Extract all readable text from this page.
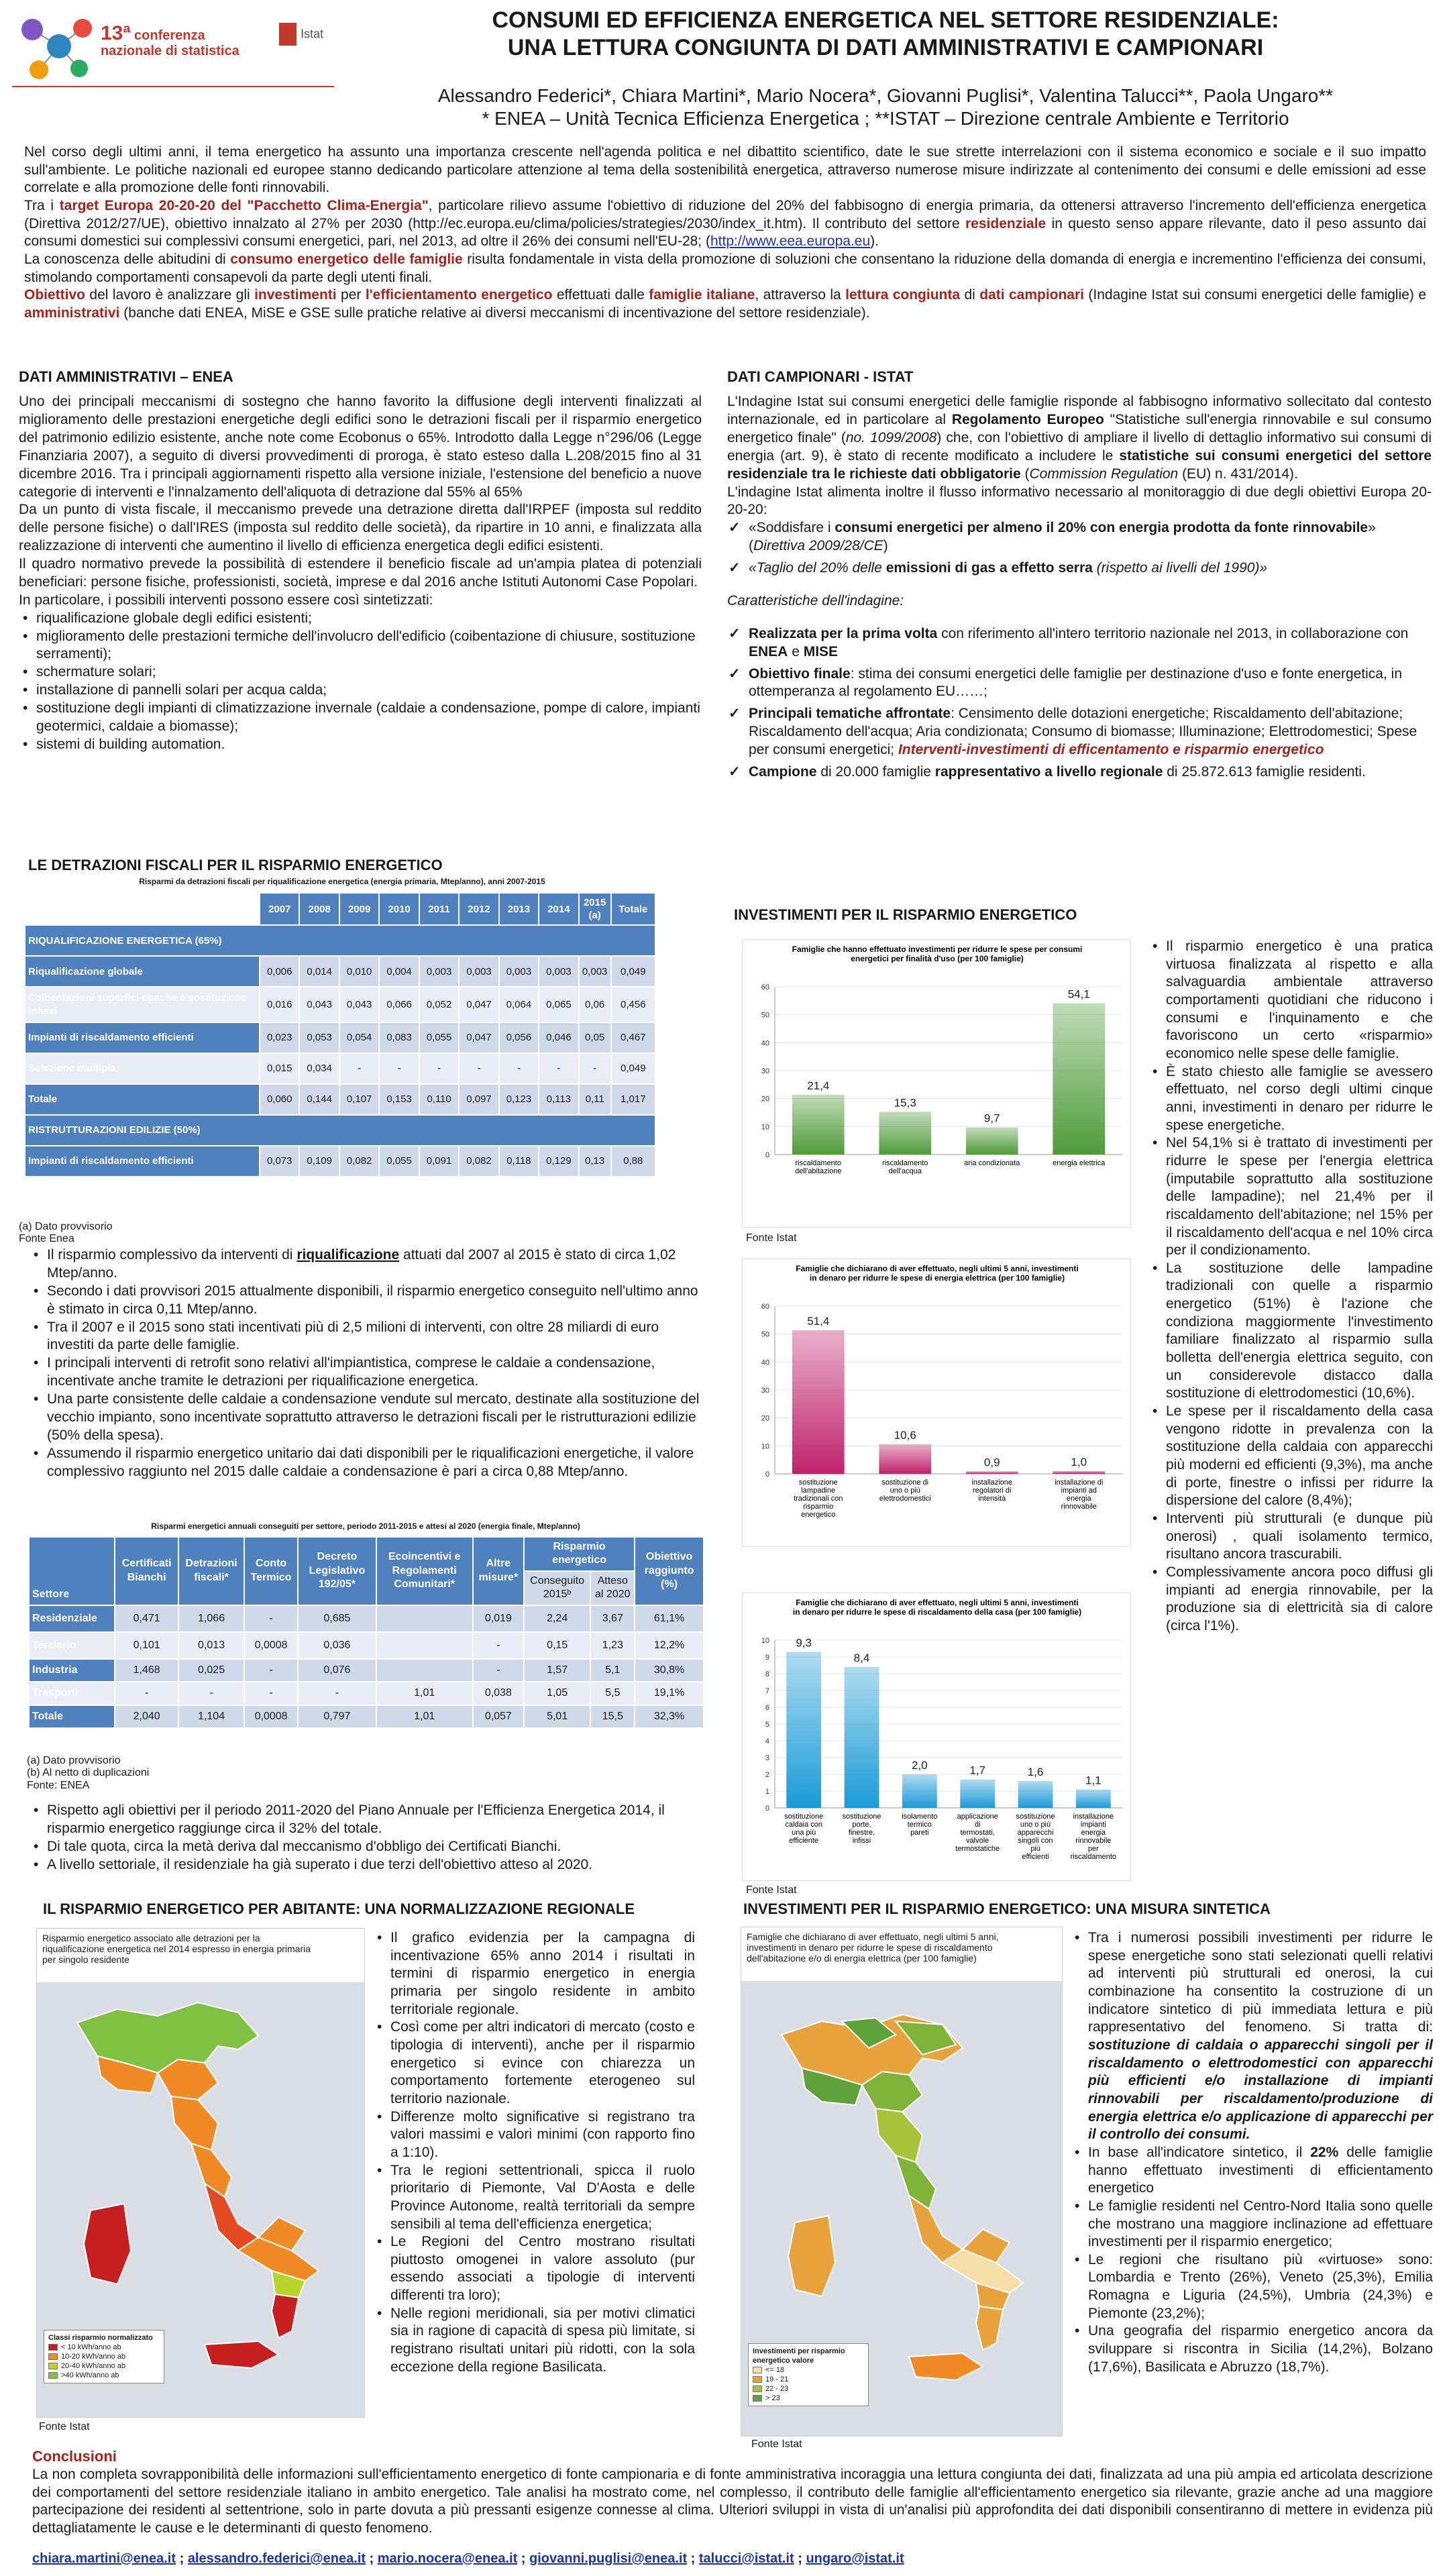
13ª conferenza nazionale di statistica
Istat
CONSUMI ED EFFICIENZA ENERGETICA NEL SETTORE RESIDENZIALE:
UNA LETTURA CONGIUNTA DI DATI AMMINISTRATIVI E CAMPIONARI
Alessandro Federici*, Chiara Martini*, Mario Nocera*, Giovanni Puglisi*, Valentina Talucci**, Paola Ungaro**
* ENEA – Unità Tecnica Efficienza Energetica ; **ISTAT – Direzione centrale Ambiente e Territorio

Nel corso degli ultimi anni, il tema energetico ha assunto una importanza crescente nell'agenda politica e nel dibattito scientifico, date le sue strette interrelazioni con il sistema economico e sociale e il suo impatto sull'ambiente. Le politiche nazionali ed europee stanno dedicando particolare attenzione al tema della sostenibilità energetica, attraverso numerose misure indirizzate al contenimento dei consumi e delle emissioni ad esse correlate e alla promozione delle fonti rinnovabili.

Tra i target Europa 20-20-20 del "Pacchetto Clima-Energia", particolare rilievo assume l'obiettivo di riduzione del 20% del fabbisogno di energia primaria, da ottenersi attraverso l'incremento dell'efficienza energetica (Direttiva 2012/27/UE), obiettivo innalzato al 27% per 2030 (http://ec.europa.eu/clima/policies/strategies/2030/index_it.htm). Il contributo del settore residenziale in questo senso appare rilevante, dato il peso assunto dai consumi domestici sui complessivi consumi energetici, pari, nel 2013, ad oltre il 26% dei consumi nell'EU-28; (http://www.eea.europa.eu).

La conoscenza delle abitudini di consumo energetico delle famiglie risulta fondamentale in vista della promozione di soluzioni che consentano la riduzione della domanda di energia e incrementino l'efficienza dei consumi, stimolando comportamenti consapevoli da parte degli utenti finali.

Obiettivo del lavoro è analizzare gli investimenti per l'efficientamento energetico effettuati dalle famiglie italiane, attraverso la lettura congiunta di dati campionari (Indagine Istat sui consumi energetici delle famiglie) e amministrativi (banche dati ENEA, MiSE e GSE sulle pratiche relative ai diversi meccanismi di incentivazione del settore residenziale).

DATI AMMINISTRATIVI – ENEA

Uno dei principali meccanismi di sostegno che hanno favorito la diffusione degli interventi finalizzati al miglioramento delle prestazioni energetiche degli edifici sono le detrazioni fiscali per il risparmio energetico del patrimonio edilizio esistente, anche note come Ecobonus o 65%. Introdotto dalla Legge n°296/06 (Legge Finanziaria 2007), a seguito di diversi provvedimenti di proroga, è stato esteso dalla L.208/2015 fino al 31 dicembre 2016. Tra i principali aggiornamenti rispetto alla versione iniziale, l'estensione del beneficio a nuove categorie di interventi e l'innalzamento dell'aliquota di detrazione dal 55% al 65%

Da un punto di vista fiscale, il meccanismo prevede una detrazione diretta dall'IRPEF (imposta sul reddito delle persone fisiche) o dall'IRES (imposta sul reddito delle società), da ripartire in 10 anni, e finalizzata alla realizzazione di interventi che aumentino il livello di efficienza energetica degli edifici esistenti.

Il quadro normativo prevede la possibilità di estendere il beneficio fiscale ad un'ampia platea di potenziali beneficiari: persone fisiche, professionisti, società, imprese e dal 2016 anche Istituti Autonomi Case Popolari.

In particolare, i possibili interventi possono essere così sintetizzati:

• riqualificazione globale degli edifici esistenti;
• miglioramento delle prestazioni termiche dell'involucro dell'edificio (coibentazione di chiusure, sostituzione serramenti);
• schermature solari;
• installazione di pannelli solari per acqua calda;
• sostituzione degli impianti di climatizzazione invernale (caldaie a condensazione, pompe di calore, impianti geotermici, caldaie a biomasse);
• sistemi di building automation.
LE DETRAZIONI FISCALI PER IL RISPARMIO ENERGETICO
Risparmi da detrazioni fiscali per riqualificazione energetica (energia primaria, Mtep/anno), anni 2007-2015
	2007	2008	2009	2010	2011	2012	2013	2014	2015 (a)	Totale
RIQUALIFICAZIONE ENERGETICA (65%)										
Riqualificazione globale	0,006	0,014	0,010	0,004	0,003	0,003	0,003	0,003	0,003	0,049
Coibentazioni superfici opache e sostituzione infissi	0,016	0,043	0,043	0,066	0,052	0,047	0,064	0,065	0,06	0,456
Impianti di riscaldamento efficienti	0,023	0,053	0,054	0,083	0,055	0,047	0,056	0,046	0,05	0,467
Selezione multipla	0,015	0,034	-	-	-	-	-	-	-	0,049
Totale	0,060	0,144	0,107	0,153	0,110	0,097	0,123	0,113	0,11	1,017
RISTRUTTURAZIONI EDILIZIE (50%)										
Impianti di riscaldamento efficienti	0,073	0,109	0,082	0,055	0,091	0,082	0,118	0,129	0,13	0,88
(a) Dato provvisorio
Fonte Enea
• Il risparmio complessivo da interventi di riqualificazione attuati dal 2007 al 2015 è stato di circa 1,02 Mtep/anno.
• Secondo i dati provvisori 2015 attualmente disponibili, il risparmio energetico conseguito nell'ultimo anno è stimato in circa 0,11 Mtep/anno.
• Tra il 2007 e il 2015 sono stati incentivati più di 2,5 milioni di interventi, con oltre 28 miliardi di euro investiti da parte delle famiglie.
• I principali interventi di retrofit sono relativi all'impiantistica, comprese le caldaie a condensazione, incentivate anche tramite le detrazioni per riqualificazione energetica.
• Una parte consistente delle caldaie a condensazione vendute sul mercato, destinate alla sostituzione del vecchio impianto, sono incentivate soprattutto attraverso le detrazioni fiscali per le ristrutturazioni edilizie (50% della spesa).
• Assumendo il risparmio energetico unitario dai dati disponibili per le riqualificazioni energetiche, il valore complessivo raggiunto nel 2015 dalle caldaie a condensazione è pari a circa 0,88 Mtep/anno.
Risparmi energetici annuali conseguiti per settore, periodo 2011-2015 e attesi al 2020 (energia finale, Mtep/anno)
Settore	Certificati Bianchi	Detrazioni fiscali*	Conto Termico	Decreto Legislativo 192/05*	Ecoincentivi e Regolamenti Comunitari*	Altre misure*	Risparmio energetico		Obiettivo raggiunto (%)
							Conseguito 2015ᵇ	Atteso al 2020	
Residenziale	0,471	1,066	-	0,685		0,019	2,24	3,67	61,1%
Terziario	0,101	0,013	0,0008	0,036		-	0,15	1,23	12,2%
Industria	1,468	0,025	-	0,076		-	1,57	5,1	30,8%
Trasporti	-	-	-	-	1,01	0,038	1,05	5,5	19,1%
Totale	2,040	1,104	0,0008	0,797	1,01	0,057	5,01	15,5	32,3%
(a) Dato provvisorio
(b) Al netto di duplicazioni
Fonte: ENEA
• Rispetto agli obiettivi per il periodo 2011-2020 del Piano Annuale per l'Efficienza Energetica 2014, il risparmio energetico raggiunge circa il 32% del totale.
• Di tale quota, circa la metà deriva dal meccanismo d'obbligo dei Certificati Bianchi.
• A livello settoriale, il residenziale ha già superato i due terzi dell'obiettivo atteso al 2020.
DATI CAMPIONARI - ISTAT

L'Indagine Istat sui consumi energetici delle famiglie risponde al fabbisogno informativo sollecitato dal contesto internazionale, ed in particolare al Regolamento Europeo "Statistiche sull'energia rinnovabile e sul consumo energetico finale" (no. 1099/2008) che, con l'obiettivo di ampliare il livello di dettaglio informativo sui consumi di energia (art. 9), è stato di recente modificato a includere le statistiche sui consumi energetici del settore residenziale tra le richieste dati obbligatorie (Commission Regulation (EU) n. 431/2014).

L'indagine Istat alimenta inoltre il flusso informativo necessario al monitoraggio di due degli obiettivi Europa 20-20-20:

✓ «Soddisfare i consumi energetici per almeno il 20% con energia prodotta da fonte rinnovabile» (Direttiva 2009/28/CE)
✓ «Taglio del 20% delle emissioni di gas a effetto serra (rispetto ai livelli del 1990)»

Caratteristiche dell'indagine:

✓ Realizzata per la prima volta con riferimento all'intero territorio nazionale nel 2013, in collaborazione con ENEA e MISE
✓ Obiettivo finale: stima dei consumi energetici delle famiglie per destinazione d'uso e fonte energetica, in ottemperanza al regolamento EU……;
✓ Principali tematiche affrontate: Censimento delle dotazioni energetiche; Riscaldamento dell'abitazione; Riscaldamento dell'acqua; Aria condizionata; Consumo di biomasse; Illuminazione; Elettrodomestici; Spese per consumi energetici; Interventi-investimenti di efficentamento e risparmio energetico
✓ Campione di 20.000 famiglie rappresentativo a livello regionale di 25.872.613 famiglie residenti.
INVESTIMENTI PER IL RISPARMIO ENERGETICO
Famiglie che hanno effettuato investimenti per ridurre le spese per consumi energetici per finalità d'uso (per 100 famiglie)
0
10
20
30
40
50
60
21,4
riscaldamento dell'abitazione
15,3
riscaldamento dell'acqua
9,7
aria condizionata
54,1
energia elettrica
Fonte Istat
Famiglie che dichiarano di aver effettuato, negli ultimi 5 anni, investimenti in denaro per ridurre le spese di energia elettrica (per 100 famiglie)
0
10
20
30
40
50
60
51,4
sostituzione lampadine tradizionali con risparmio energetico
10,6
sostituzione di uno o più elettrodomestici
0,9
installazione regolatori di intensità
1,0
installazione di impianti ad energia rinnovabile
Famiglie che dichiarano di aver effettuato, negli ultimi 5 anni, investimenti in denaro per ridurre le spese di riscaldamento della casa (per 100 famiglie)
0
1
2
3
4
5
6
7
8
9
10 9,3
sostituzione caldaia con una più efficiente
8,4
sostituzione porte, finestre, infissi
2,0
isolamento termico pareti
1,7
applicazione di termostati, valvole termostatiche
1,6
sostituzione uno o più apparecchi singoli con più efficienti
1,1
installazione impianti energia rinnovabile per riscaldamento
Fonte Istat
• Il risparmio energetico è una pratica virtuosa finalizzata al rispetto e alla salvaguardia ambientale attraverso comportamenti quotidiani che riducono i consumi e l'inquinamento e che favoriscono un certo «risparmio» economico nelle spese delle famiglie.
• È stato chiesto alle famiglie se avessero effettuato, nel corso degli ultimi cinque anni, investimenti in denaro per ridurre le spese energetiche.
• Nel 54,1% si è trattato di investimenti per ridurre le spese per l'energia elettrica (imputabile soprattutto alla sostituzione delle lampadine); nel 21,4% per il riscaldamento dell'abitazione; nel 15% per il riscaldamento dell'acqua e nel 10% circa per il condizionamento.
• La sostituzione delle lampadine tradizionali con quelle a risparmio energetico (51%) è l'azione che condiziona maggiormente l'investimento familiare finalizzato al risparmio sulla bolletta dell'energia elettrica seguito, con un considerevole distacco dalla sostituzione di elettrodomestici (10,6%).
• Le spese per il riscaldamento della casa vengono ridotte in prevalenza con la sostituzione della caldaia con apparecchi più moderni ed efficienti (9,3%), ma anche di porte, finestre o infissi per ridurre la dispersione del calore (8,4%);
• Interventi più strutturali (e dunque più onerosi) , quali isolamento termico, risultano ancora trascurabili.
• Complessivamente ancora poco diffusi gli impianti ad energia rinnovabile, per la produzione sia di elettricità sia di calore (circa l'1%).
IL RISPARMIO ENERGETICO PER ABITANTE: UNA NORMALIZZAZIONE REGIONALE
Risparmio energetico associato alle detrazioni per la riqualificazione energetica nel 2014 espresso in energia primaria per singolo residente
Classi risparmio normalizzato
< 10 kWh/anno ab
10-20 kWh/anno ab
20-40 kWh/anno ab
>40 kWh/anno ab
Fonte Istat
• Il grafico evidenzia per la campagna di incentivazione 65% anno 2014 i risultati in termini di risparmio energetico in energia primaria per singolo residente in ambito territoriale regionale.
• Così come per altri indicatori di mercato (costo e tipologia di interventi), anche per il risparmio energetico si evince con chiarezza un comportamento fortemente eterogeneo sul territorio nazionale.
• Differenze molto significative si registrano tra valori massimi e valori minimi (con rapporto fino a 1:10).
• Tra le regioni settentrionali, spicca il ruolo prioritario di Piemonte, Val D'Aosta e delle Province Autonome, realtà territoriali da sempre sensibili al tema dell'efficienza energetica;
• Le Regioni del Centro mostrano risultati piuttosto omogenei in valore assoluto (pur essendo associati a tipologie di interventi differenti tra loro);
• Nelle regioni meridionali, sia per motivi climatici sia in ragione di capacità di spesa più limitate, si registrano risultati unitari più ridotti, con la sola eccezione della regione Basilicata.
INVESTIMENTI PER IL RISPARMIO ENERGETICO: UNA MISURA SINTETICA
Famiglie che dichiarano di aver effettuato, negli ultimi 5 anni, investimenti in denaro per ridurre le spese di riscaldamento dell'abitazione e/o di energia elettrica (per 100 famiglie)
Investimenti per risparmio energetico valore
<= 18
19 - 21
22 - 23
> 23
Fonte Istat
• Tra i numerosi possibili investimenti per ridurre le spese energetiche sono stati selezionati quelli relativi ad interventi più strutturali ed onerosi, la cui combinazione ha consentito la costruzione di un indicatore sintetico di più immediata lettura e più rappresentativo del fenomeno. Si tratta di: sostituzione di caldaia o apparecchi singoli per il riscaldamento o elettrodomestici con apparecchi più efficienti e/o installazione di impianti rinnovabili per riscaldamento/produzione di energia elettrica e/o applicazione di apparecchi per il controllo dei consumi.
• In base all'indicatore sintetico, il 22% delle famiglie hanno effettuato investimenti di efficientamento energetico
• Le famiglie residenti nel Centro-Nord Italia sono quelle che mostrano una maggiore inclinazione ad effettuare investimenti per il risparmio energetico;
• Le regioni che risultano più «virtuose» sono: Lombardia e Trento (26%), Veneto (25,3%), Emilia Romagna e Liguria (24,5%), Umbria (24,3%) e Piemonte (23,2%);
• Una geografia del risparmio energetico ancora da sviluppare si riscontra in Sicilia (14,2%), Bolzano (17,6%), Basilicata e Abruzzo (18,7%).
Conclusioni

La non completa sovrapponibilità delle informazioni sull'efficientamento energetico di fonte campionaria e di fonte amministrativa incoraggia una lettura congiunta dei dati, finalizzata ad una più ampia ed articolata descrizione dei comportamenti del settore residenziale italiano in ambito energetico. Tale analisi ha mostrato come, nel complesso, il contributo delle famiglie all'efficientamento energetico sia rilevante, grazie anche ad una maggiore partecipazione dei residenti al settentrione, solo in parte dovuta a più pressanti esigenze connesse al clima. Ulteriori sviluppi in vista di un'analisi più approfondita dei dati disponibili consentiranno di mettere in evidenza più dettagliatamente le cause e le determinanti di questo fenomeno.

chiara.martini@enea.it ; alessandro.federici@enea.it ; mario.nocera@enea.it ; giovanni.puglisi@enea.it ; talucci@istat.it ; ungaro@istat.it
